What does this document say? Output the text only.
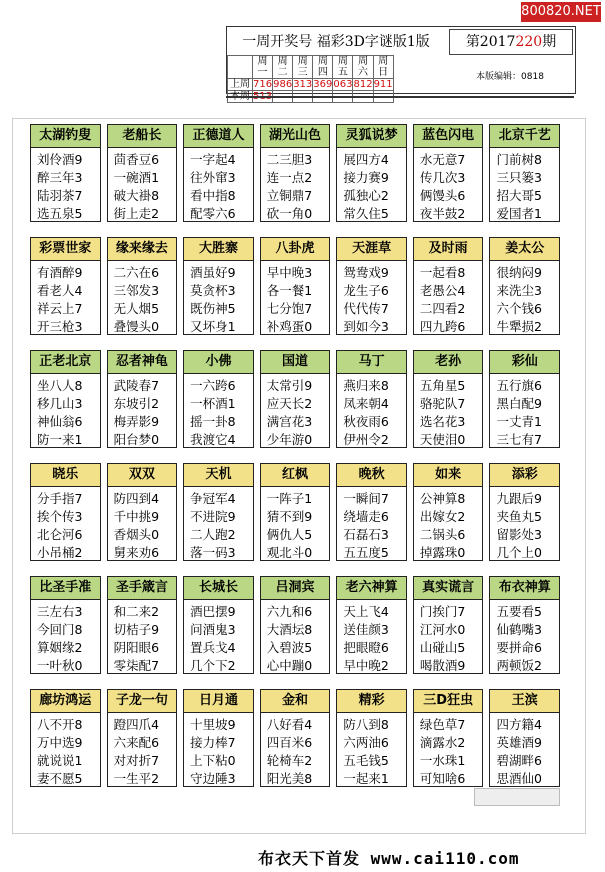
800820.NET
一周开奖号 福彩3D字谜版1版	第2017220期
本版编辑：0818
	周一	周二	周三	周四	周五	周六	周日
上周	716	986	313	369	063	812	911
本周	513						
太湖钓叟
刘伶酒9
醉三年3
陆羽茶7
选五泉5
老船长
茴香豆6
一碗酒1
破大褂8
街上走2
正德道人
一字起4
往外窜3
看中指8
配零六6
湖光山色
二三胆3
连一点2
立铜鼎7
砍一角0
灵狐说梦
展四方4
接力赛9
孤独心2
常久住5
蓝色闪电
水无意7
传几次3
俩馒头6
夜半鼓2
北京千艺
门前树8
三只篓3
招大哥5
爱国者1
彩票世家
有酒醉9
看老人4
祥云上7
开三枪3
缘来缘去
二六在6
三邻发3
无人烟5
叠馒头0
大胜寨
酒虽好9
莫贪杯3
既伤神5
又坏身1
八卦虎
早中晚3
各一餐1
七分饱7
补鸡蛋0
天涯草
鸳鸯戏9
龙生子6
代代传7
到如今3
及时雨
一起看8
老愚公4
二四看2
四九跨6
姜太公
很纳闷9
来洗尘3
六个钱6
牛犟损2
正老北京
坐八人8
移几山3
神仙翁6
防一来1
忍者神龟
武陵春7
东坡引2
梅弄影9
阳台梦0
小佛
一六跨6
一杯酒1
摇一卦8
我渡它4
国道
太常引9
应天长2
满宫花3
少年游0
马丁
燕归来8
凤来朝4
秋夜雨6
伊州令2
老孙
五角星5
骆驼队7
选名花3
天使泪0
彩仙
五行旗6
黑白配9
一丈青1
三七有7
晓乐
分手指7
挨个传3
北仑河6
小吊桶2
双双
防四到4
千中挑9
香烟头0
舅来劝6
天机
争冠军4
不进院9
二人跑2
落一码3
红枫
一阵子1
猜不到9
俩仇人5
观北斗0
晚秋
一瞬间7
绕墙走6
石磊石3
五五度5
如来
公神算8
出嫁女2
二锅头6
掉露珠0
添彩
九跟后9
夹鱼丸5
留影处3
几个上0
比圣手准
三左右3
今回门8
算姻缘2
一叶秋0
圣手箴言
和二来2
切桔子9
阴阳眼6
零柒配7
长城长
酒巴摆9
问酒鬼3
置兵戈4
几个下2
吕洞宾
六九和6
大酒坛8
入碧波5
心中蹦0
老六神算
天上飞4
送佳颜3
把眼瞪6
早中晚2
真实谎言
门挨门7
江河水0
山碰山5
喝散酒9
布衣神算
五要看5
仙鹤嘴3
要拼命6
两顿饭2
廊坊鸿运
八不开8
万中选9
就说说1
妻不愿5
子龙一句
蹬四爪4
六来配6
对对折7
一生平2
日月通
十里坡9
接力棒7
上下粘0
守边陲3
金和
八好看4
四百米6
轮椅车2
阳光美8
精彩
防八到8
六两油6
五毛钱5
一起来1
三D狂虫
绿色草7
滴露水2
一水珠1
可知啥6
王滨
四方籍4
英雄酒9
碧湖畔6
思酒仙0
布衣天下首发 www.cai110.com
